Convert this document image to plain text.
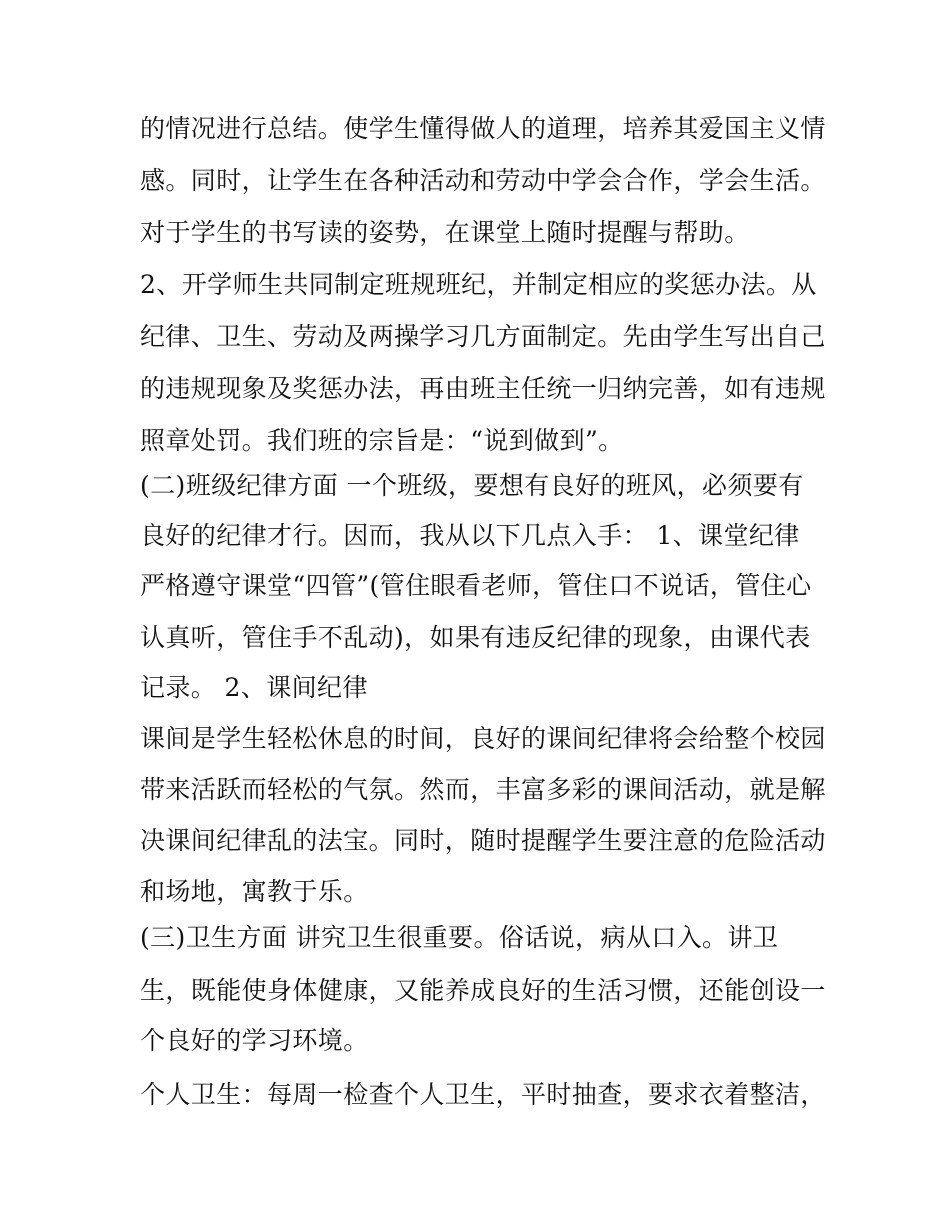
的情况进行总结。使学生懂得做人的道理，培养其爱国主义情
感。同时，让学生在各种活动和劳动中学会合作，学会生活。
对于学生的书写读的姿势，在课堂上随时提醒与帮助。
2、开学师生共同制定班规班纪，并制定相应的奖惩办法。从
纪律、卫生、劳动及两操学习几方面制定。先由学生写出自己
的违规现象及奖惩办法，再由班主任统一归纳完善，如有违规
照章处罚。我们班的宗旨是：“说到做到”。
(二)班级纪律方面 一个班级，要想有良好的班风，必须要有
良好的纪律才行。因而，我从以下几点入手： 1、课堂纪律
严格遵守课堂“四管”(管住眼看老师，管住口不说话，管住心
认真听，管住手不乱动)，如果有违反纪律的现象，由课代表
记录。 2、课间纪律
课间是学生轻松休息的时间，良好的课间纪律将会给整个校园
带来活跃而轻松的气氛。然而，丰富多彩的课间活动，就是解
决课间纪律乱的法宝。同时，随时提醒学生要注意的危险活动
和场地，寓教于乐。
(三)卫生方面 讲究卫生很重要。俗话说，病从口入。讲卫
生，既能使身体健康，又能养成良好的生活习惯，还能创设一
个良好的学习环境。
个人卫生：每周一检查个人卫生，平时抽查，要求衣着整洁，
